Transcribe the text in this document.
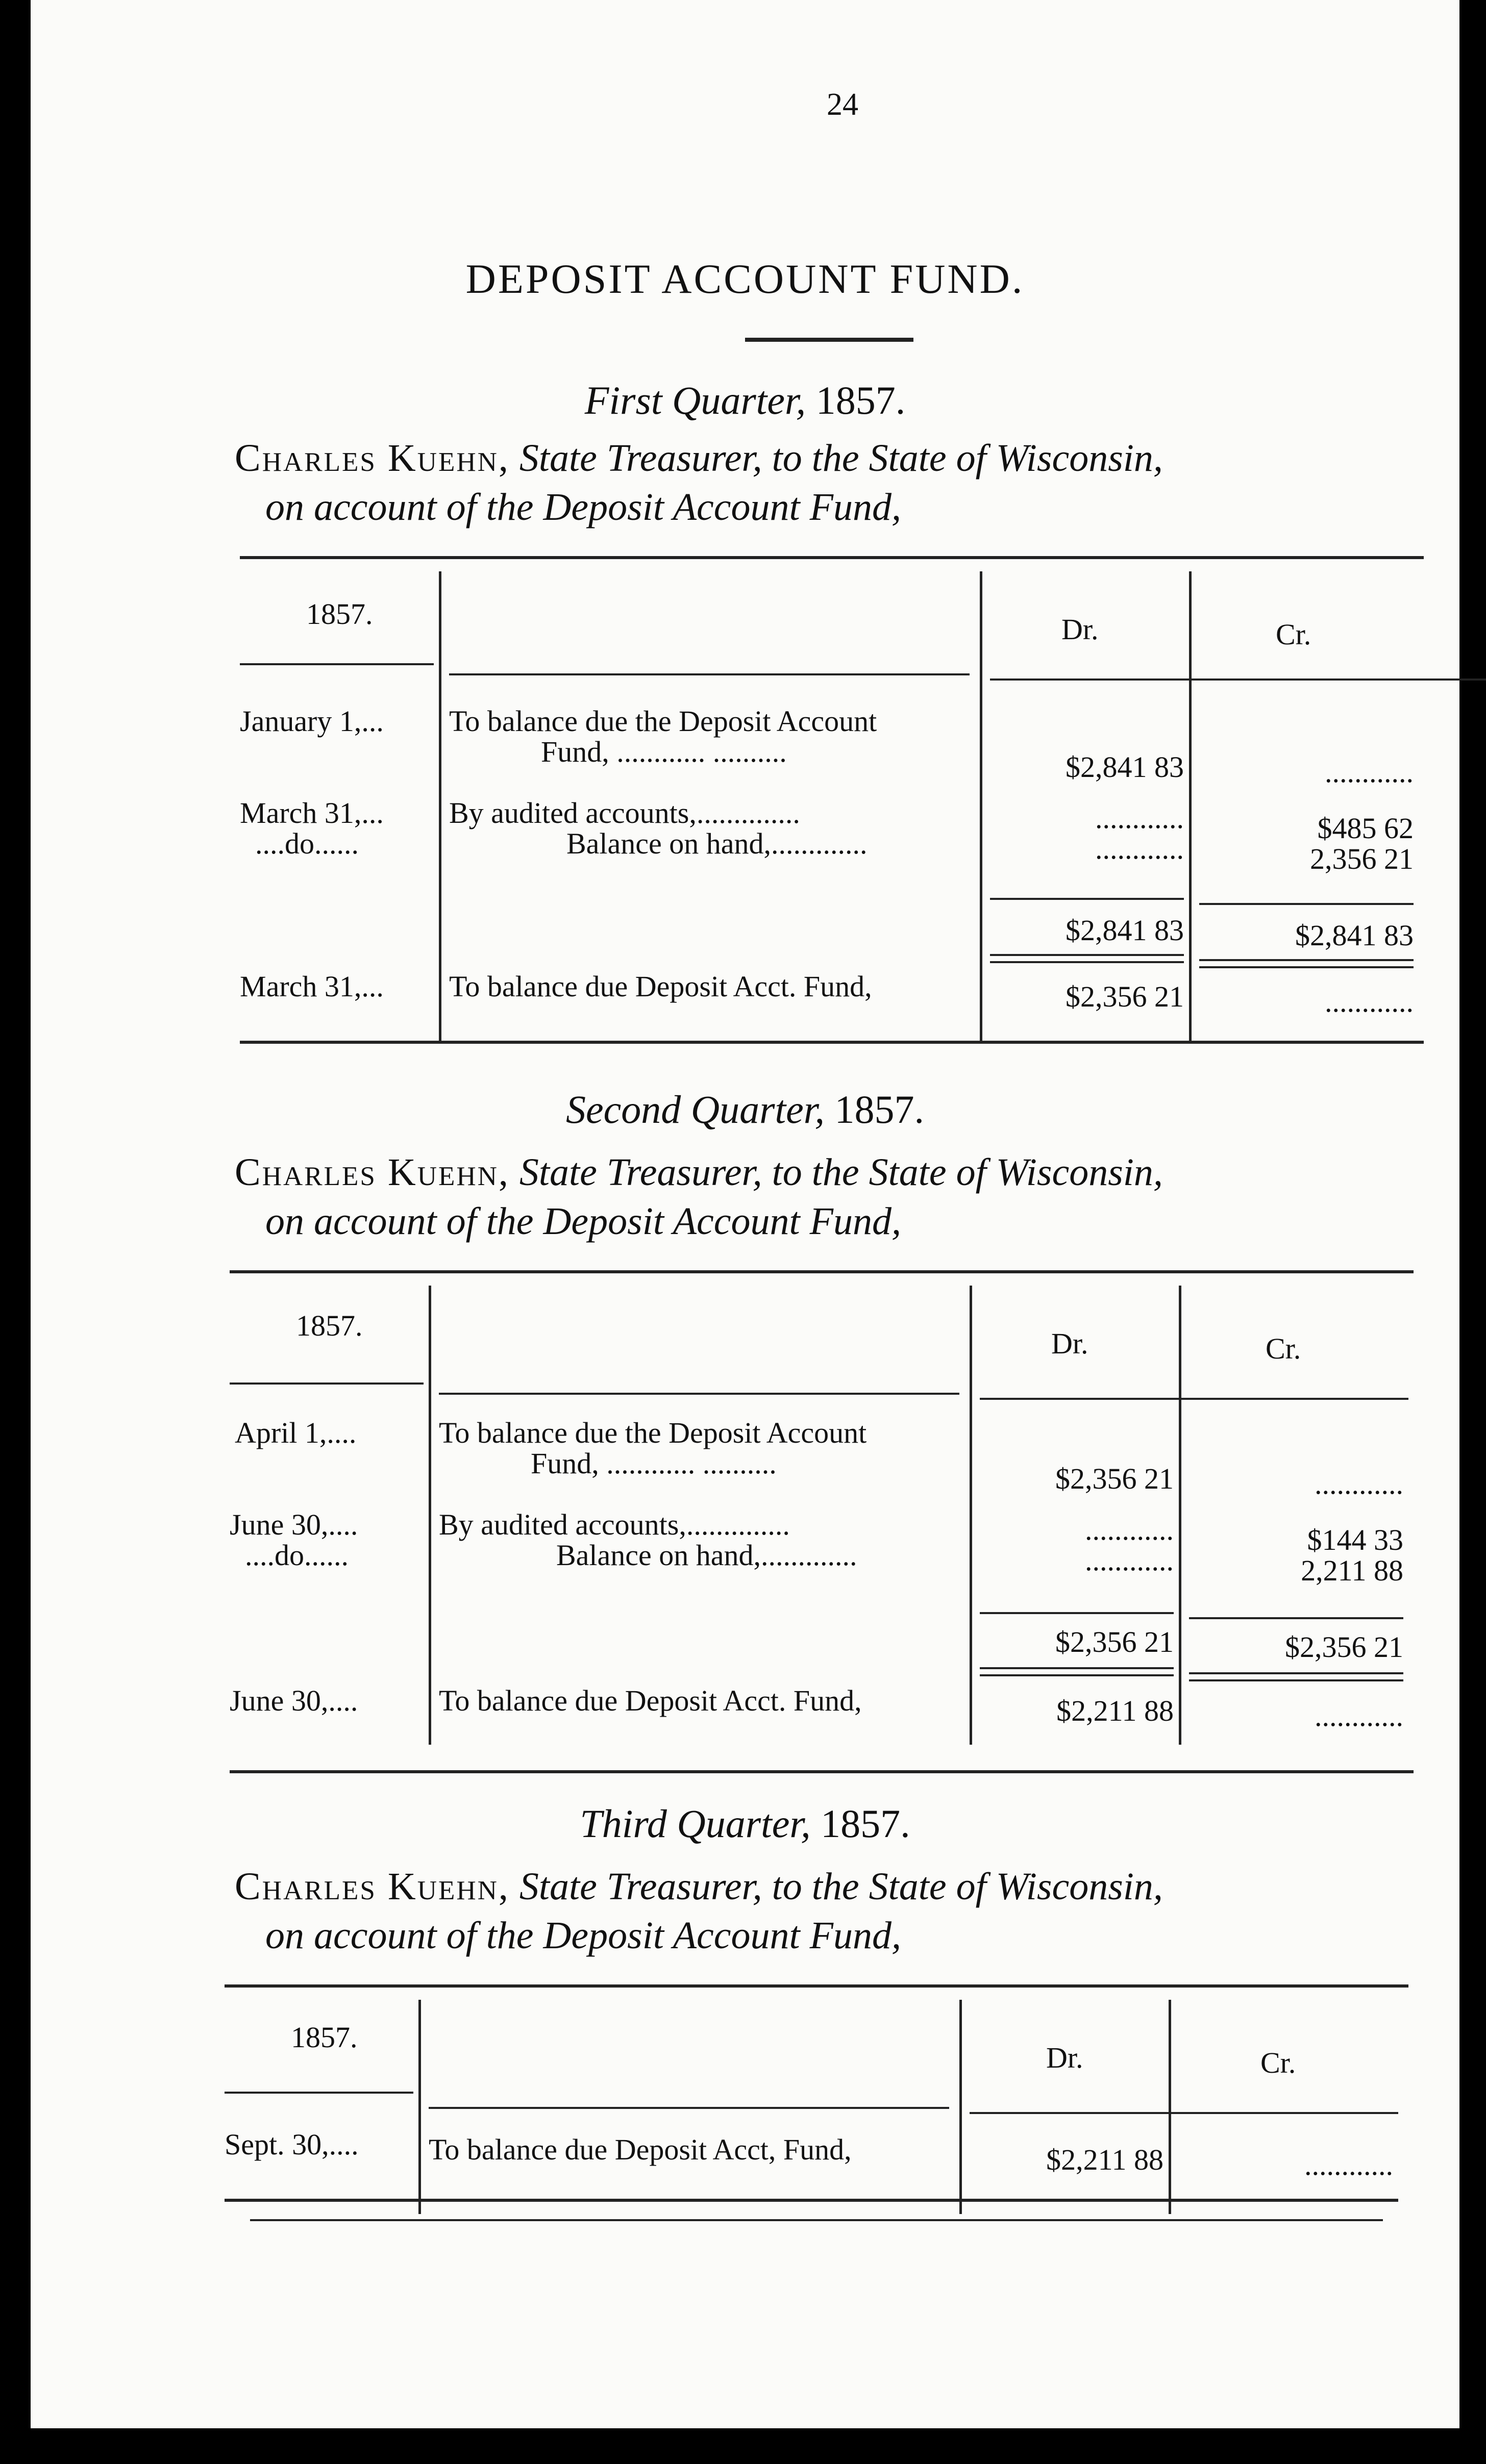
24
DEPOSIT ACCOUNT FUND.
First Quarter, 1857.
Charles Kuehn, State Treasurer, to the State of Wisconsin,
on account of the Deposit Account Fund,
1857.	Dr.	Cr.
January 1,... To balance due the Deposit Account
Fund, ............ ..........	$2,841 83	............
March 31,... By audited accounts,..............	............	$485 62
....do......	Balance on hand,.............	............	2,356 21
$2,841 83	$2,841 83
March 31,... To balance due Deposit Acct. Fund,	$2,356 21	............
Second Quarter, 1857.
Charles Kuehn, State Treasurer, to the State of Wisconsin,
on account of the Deposit Account Fund,
1857.
Dr.	Cr.
April 1,....	To balance due the Deposit Account
Fund, ............ ..........	$2,356 21	............
June 30,....	By audited accounts,..............	............	$144 33
....do......	Balance on hand,.............	............	2,211 88
$2,356 21	$2,356 21
June 30,....	To balance due Deposit Acct. Fund,	$2,211 88	............
Third Quarter, 1857.
Charles Kuehn, State Treasurer, to the State of Wisconsin,
on account of the Deposit Account Fund,
1857.
Dr.	Cr.
Sept. 30,.... To balance due Deposit Acct, Fund,	$2,211 88	............
